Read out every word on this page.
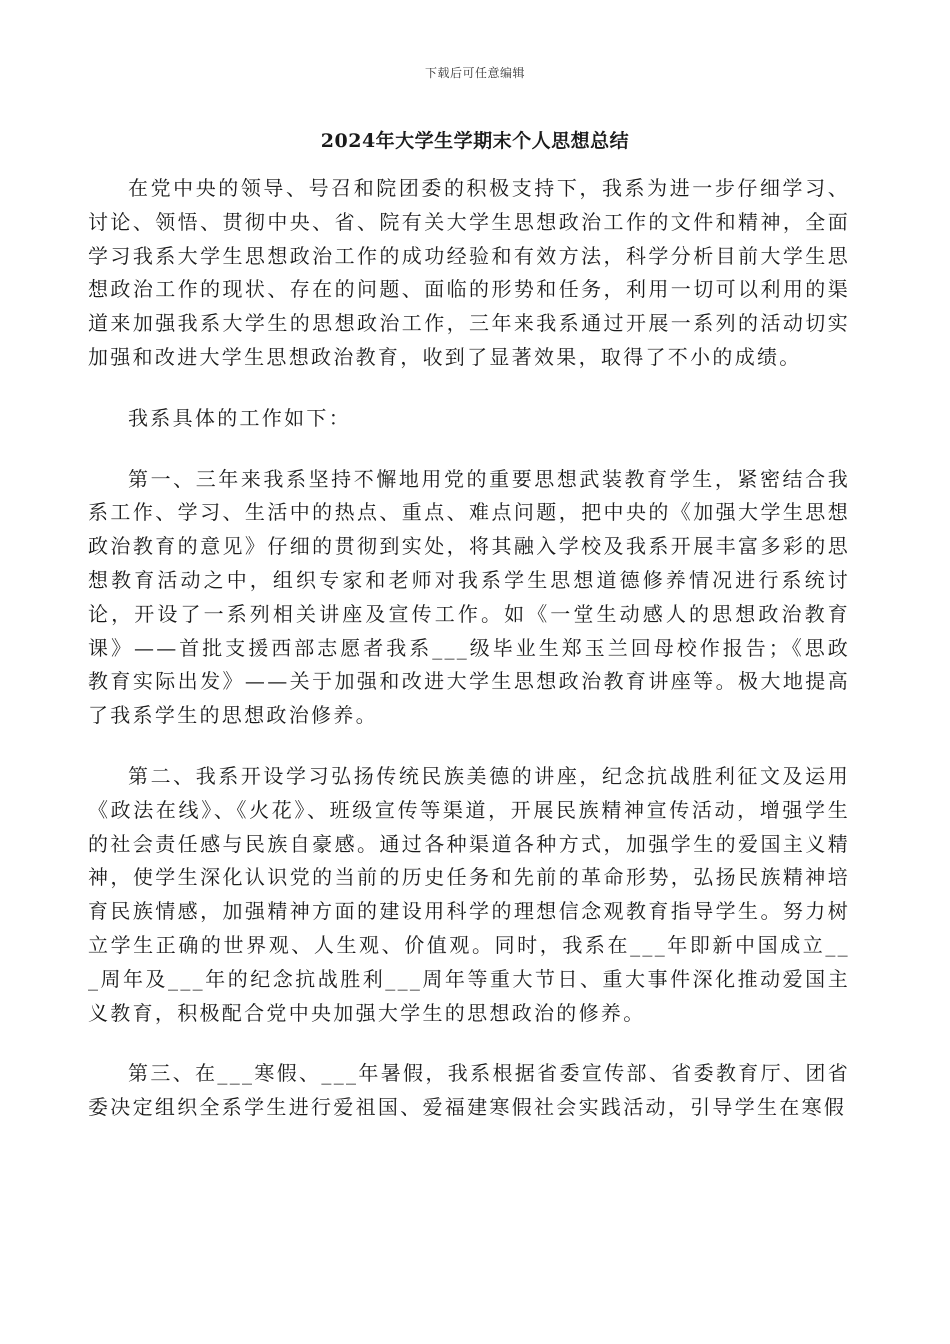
下载后可任意编辑
2024年大学生学期末个人思想总结

在党中央的领导、号召和院团委的积极支持下，我系为进一步仔细学习、讨论、领悟、贯彻中央、省、院有关大学生思想政治工作的文件和精神，全面学习我系大学生思想政治工作的成功经验和有效方法，科学分析目前大学生思想政治工作的现状、存在的问题、面临的形势和任务，利用一切可以利用的渠道来加强我系大学生的思想政治工作，三年来我系通过开展一系列的活动切实加强和改进大学生思想政治教育，收到了显著效果，取得了不小的成绩。

我系具体的工作如下：

第一、三年来我系坚持不懈地用党的重要思想武装教育学生，紧密结合我系工作、学习、生活中的热点、重点、难点问题，把中央的《加强大学生思想政治教育的意见》仔细的贯彻到实处，将其融入学校及我系开展丰富多彩的思想教育活动之中，组织专家和老师对我系学生思想道德修养情况进行系统讨论，开设了一系列相关讲座及宣传工作。如《一堂生动感人的思想政治教育课》——首批支援西部志愿者我系___级毕业生郑玉兰回母校作报告；《思政教育实际出发》——关于加强和改进大学生思想政治教育讲座等。极大地提高了我系学生的思想政治修养。

第二、我系开设学习弘扬传统民族美德的讲座，纪念抗战胜利征文及运用《政法在线》、《火花》、班级宣传等渠道，开展民族精神宣传活动，增强学生的社会责任感与民族自豪感。通过各种渠道各种方式，加强学生的爱国主义精神，使学生深化认识党的当前的历史任务和先前的革命形势，弘扬民族精神培育民族情感，加强精神方面的建设用科学的理想信念观教育指导学生。努力树立学生正确的世界观、人生观、价值观。同时，我系在___年即新中国成立___周年及___年的纪念抗战胜利___周年等重大节日、重大事件深化推动爱国主义教育，积极配合党中央加强大学生的思想政治的修养。

第三、在___寒假、___年暑假，我系根据省委宣传部、省委教育厅、团省委决定组织全系学生进行爱祖国、爱福建寒假社会实践活动，引导学生在寒假
